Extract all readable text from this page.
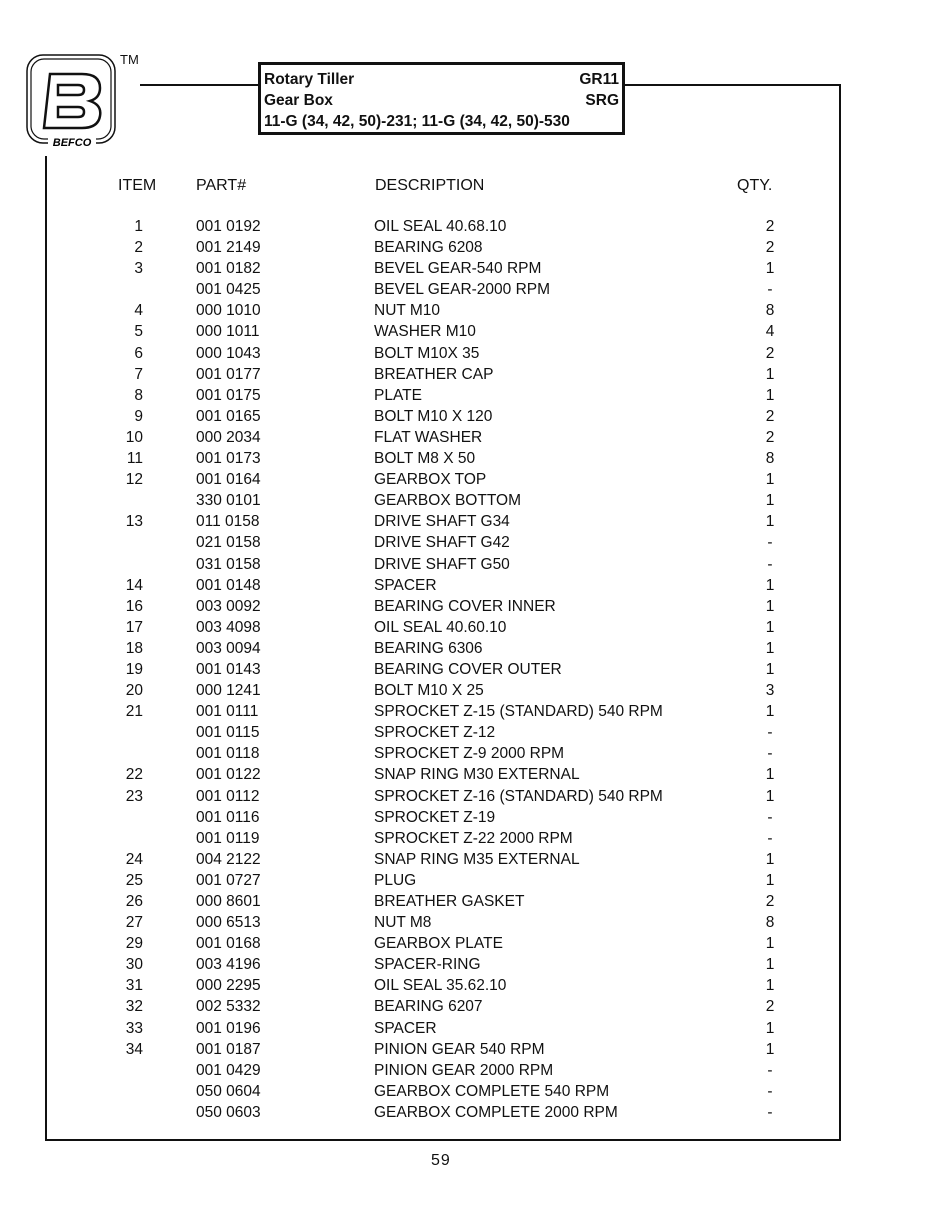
BEFCO
TM
Rotary Tiller	GR11
Gear Box	SRG
11-G (34, 42, 50)-231; 11-G (34, 42, 50)-530
ITEM PART#	DESCRIPTION	QTY.
1	001 0192	OIL SEAL 40.68.10	2
2	001 2149	BEARING 6208	2
3	001 0182	BEVEL GEAR-540 RPM	1
001 0425	BEVEL GEAR-2000 RPM	-
4	000 1010	NUT M10	8
5	000 1011	WASHER M10	4
6	000 1043	BOLT M10X 35	2
7	001 0177	BREATHER CAP	1
8	001 0175	PLATE	1
9	001 0165	BOLT M10 X 120	2
10	000 2034	FLAT WASHER	2
11	001 0173	BOLT M8 X 50	8
12	001 0164	GEARBOX TOP	1
330 0101	GEARBOX BOTTOM	1
13	011 0158	DRIVE SHAFT G34	1
021 0158	DRIVE SHAFT G42	-
031 0158	DRIVE SHAFT G50	-
14	001 0148	SPACER	1
16	003 0092	BEARING COVER INNER	1
17	003 4098	OIL SEAL 40.60.10	1
18	003 0094	BEARING 6306	1
19	001 0143	BEARING COVER OUTER	1
20	000 1241	BOLT M10 X 25	3
21	001 0111	SPROCKET Z-15 (STANDARD) 540 RPM	1
001 0115	SPROCKET Z-12	-
001 0118	SPROCKET Z-9 2000 RPM	-
22	001 0122	SNAP RING M30 EXTERNAL	1
23	001 0112	SPROCKET Z-16 (STANDARD) 540 RPM	1
001 0116	SPROCKET Z-19	-
001 0119	SPROCKET Z-22 2000 RPM	-
24	004 2122	SNAP RING M35 EXTERNAL	1
25	001 0727	PLUG	1
26	000 8601	BREATHER GASKET	2
27	000 6513	NUT M8	8
29	001 0168	GEARBOX PLATE	1
30	003 4196	SPACER-RING	1
31	000 2295	OIL SEAL 35.62.10	1
32	002 5332	BEARING 6207	2
33	001 0196	SPACER	1
34	001 0187	PINION GEAR 540 RPM	1
001 0429	PINION GEAR 2000 RPM	-
050 0604	GEARBOX COMPLETE 540 RPM	-
050 0603	GEARBOX COMPLETE 2000 RPM	-
59
